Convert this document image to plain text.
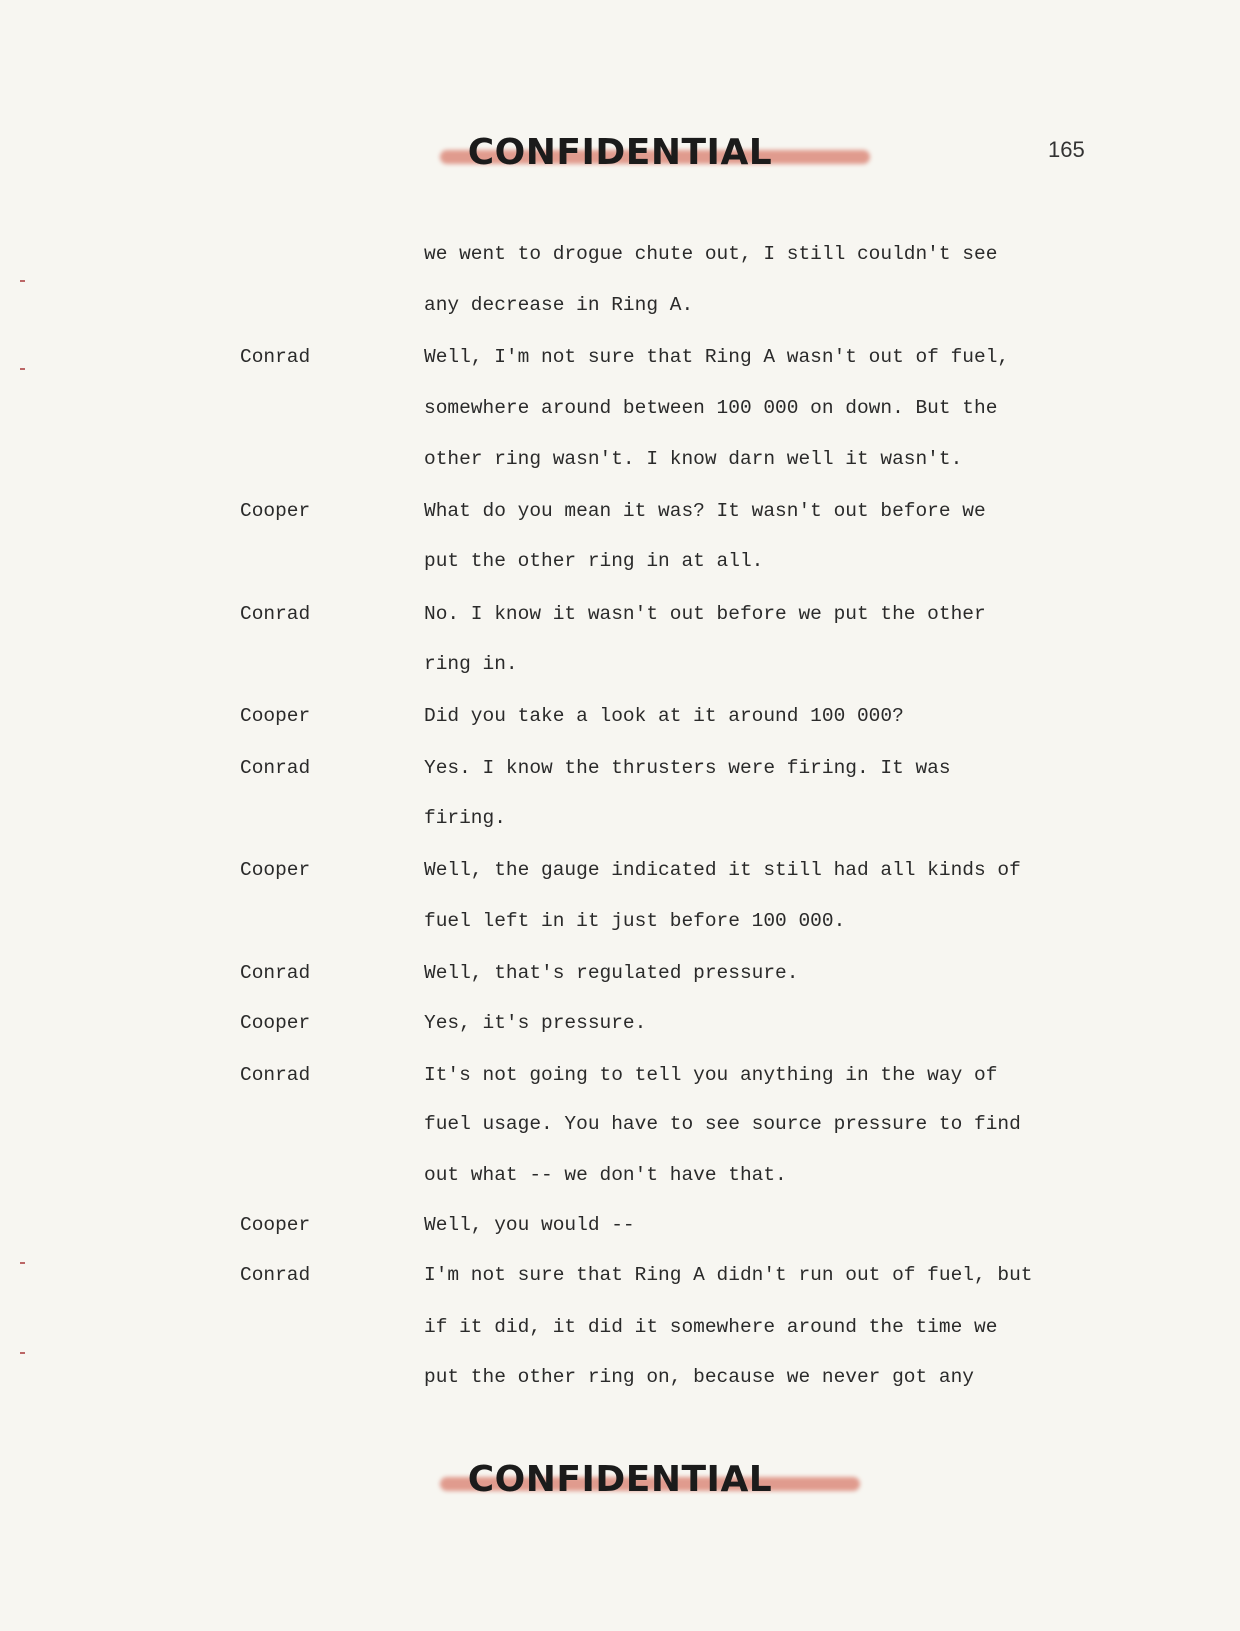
CONFIDENTIAL	165
we went to drogue chute out, I still couldn't see
any decrease in Ring A.
Conrad	Well, I'm not sure that Ring A wasn't out of fuel,
somewhere around between 100 000 on down. But the
other ring wasn't. I know darn well it wasn't.
Cooper	What do you mean it was? It wasn't out before we
put the other ring in at all.
Conrad	No. I know it wasn't out before we put the other
ring in.
Cooper	Did you take a look at it around 100 000?
Conrad	Yes. I know the thrusters were firing. It was
firing.
Cooper	Well, the gauge indicated it still had all kinds of
fuel left in it just before 100 000.
Conrad	Well, that's regulated pressure.
Cooper	Yes, it's pressure.
Conrad	It's not going to tell you anything in the way of
fuel usage. You have to see source pressure to find
out what -- we don't have that.
Cooper	Well, you would --
Conrad	I'm not sure that Ring A didn't run out of fuel, but
if it did, it did it somewhere around the time we
put the other ring on, because we never got any
CONFIDENTIAL
